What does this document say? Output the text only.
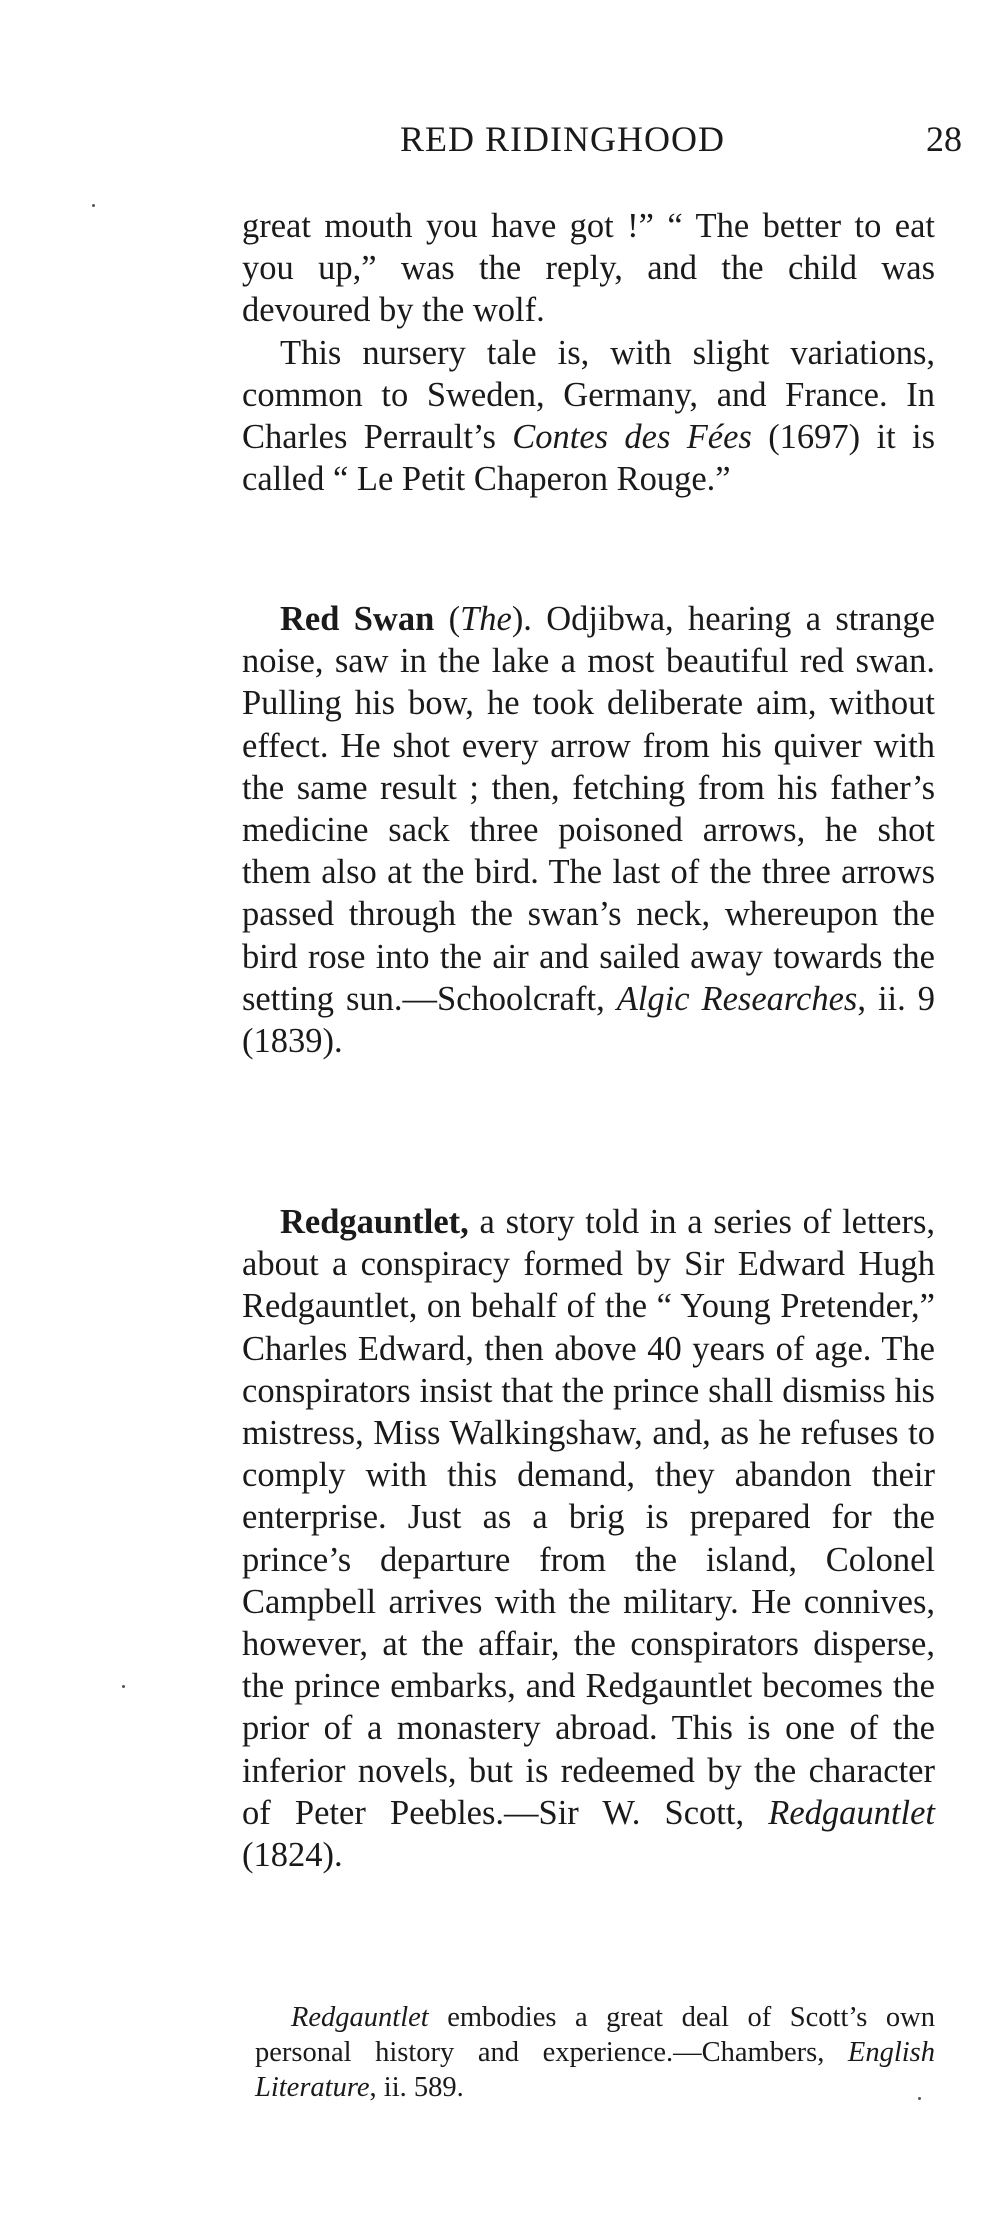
RED RIDINGHOOD	28

great mouth you have got !” “ The better to eat you up,” was the reply, and the child was devoured by the wolf.

This nursery tale is, with slight variations, common to Sweden, Germany, and France. In Charles Perrault’s Contes des Fées (1697) it is called “ Le Petit Chaperon Rouge.”

Red Swan (The). Odjibwa, hearing a strange noise, saw in the lake a most beautiful red swan. Pulling his bow, he took deliberate aim, without effect. He shot every arrow from his quiver with the same result ; then, fetching from his father’s medicine sack three poisoned arrows, he shot them also at the bird. The last of the three arrows passed through the swan’s neck, whereupon the bird rose into the air and sailed away towards the setting sun.—Schoolcraft, Algic Researches, ii. 9 (1839).

Redgauntlet, a story told in a series of letters, about a conspiracy formed by Sir Edward Hugh Redgauntlet, on behalf of the “ Young Pretender,” Charles Edward, then above 40 years of age. The conspirators insist that the prince shall dismiss his mistress, Miss Walkingshaw, and, as he refuses to comply with this demand, they abandon their enterprise. Just as a brig is prepared for the prince’s departure from the island, Colonel Campbell arrives with the military. He connives, however, at the affair, the conspirators disperse, the prince embarks, and Redgauntlet becomes the prior of a monastery abroad. This is one of the inferior novels, but is redeemed by the character of Peter Peebles.—Sir W. Scott, Redgauntlet (1824).

Redgauntlet embodies a great deal of Scott’s own personal history and experience.—Chambers, English Literature, ii. 589.
